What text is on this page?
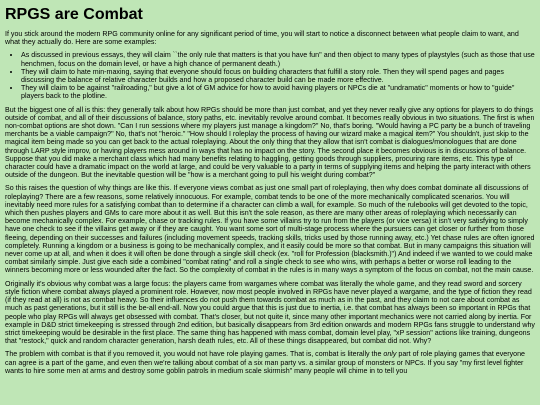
RPGS are Combat

If you stick around the modern RPG community online for any significant period of time, you will start to notice a disconnect between what people claim to want, and what they actually do. Here are some examples:

• As discussed in previous essays, they will claim ``the only rule that matters is that you have fun'' and then object to many types of playstyles (such as those that use henchmen, focus on the domain level, or have a high chance of permanent death.)
• They will claim to hate min-maxing, saying that everyone should focus on building characters that fulfill a story role. Then they will spend pages and pages discussing the balance of relative character builds and how a proposed character build can be made more effective.
• They will claim to be against "railroading," but give a lot of GM advice for how to avoid having players or NPCs die at "undramatic" moments or how to "guide" players back to the plotline.

But the biggest one of all is this: they generally talk about how RPGs should be more than just combat, and yet they never really give any options for players to do things outside of combat, and all of their discussions of balance, story paths, etc. inevitably revolve around combat. It becomes really obvious in two situations. The first is when non-combat options are shot down. "Can I run sessions where my players just manage a kingdom?" No, that's boring. "Would having a PC party be a bunch of traveling merchants be a viable campaign?" No, that's not "heroic." "How should I roleplay the process of having our wizard make a magical item?" You shouldn't, just skip to the magical item being made so you can get back to the actual roleplaying. About the only thing that they allow that isn't combat is dialogues/monologues that are done through LARP style improv, or having players mess around in ways that has no impact on the story. The second place it becomes obvious is in discussions of balance. Suppose that you did make a merchant class which had many benefits relating to haggling, getting goods through suppliers, procuring rare items, etc. This type of character could have a dramatic impact on the world at large, and could be very valuable to a party in terms of supplying items and helping the party interact with others outside of the dungeon. But the inevitable question will be "how is a merchant going to pull his weight during combat?"

So this raises the question of why things are like this. If everyone views combat as just one small part of roleplaying, then why does combat dominate all discussions of roleplaying? There are a few reasons, some relatively innocuous. For example, combat tends to be one of the more mechanically complicated scenarios. You will inevitably need more rules for a satisfying combat than to determine if a character can climb a wall, for example. So much of the rulebooks will get devoted to the topic, which then pushes players and GMs to care more about it as well. But this isn't the sole reason, as there are many other areas of roleplaying which necessarily can become mechanically complex. For example, chase or tracking rules. If you have some villains try to run from the players (or vice versa) it isn't very satisfying to simply have one check to see if the villains get away or if they are caught. You want some sort of multi-stage process where the pursuers can get closer or further from those fleeing, depending on their successes and failures (including movement speeds, tracking skills, tricks used by those running away, etc.) Yet chase rules are often ignored completely. Running a kingdom or a business is going to be mechanically complex, and it easily could be more so that combat. But in many campaigns this situation will never come up at all, and when it does it will often be done through a single skill check (ex. "roll for Profession (blacksmith.)") And indeed if we wanted to we could make combat similarly simple. Just give each side a combined "combat rating" and roll a single check to see who wins, with perhaps a better or worse roll leading to the winners becoming more or less wounded after the fact. So the complexity of combat in the rules is in many ways a symptom of the focus on combat, not the main cause.

Originally it's obvious why combat was a large focus: the players came from wargames where combat was literally the whole game, and they read sword and sorcery style fiction where combat always played a prominent role. However, now most people involved in RPGs have never played a wargame, and the type of fiction they read (if they read at all) is not as combat heavy. So their influences do not push them towards combat as much as in the past, and they claim to not care about combat as much as past generations, but it still is the be-all end-all. Now you could argue that this is just due to inertia, i.e. that combat has always been so important in RPGs that people who play RPGs will always get obsessed with combat. That's closer, but not quite it, since many other important mechanics were not carried along by inertia. For example in D&D strict timekeeping is stressed through 2nd edition, but basically disappears from 3rd edition onwards and modern RPGs fans struggle to understand why strict timekeeping would be desirable in the first place. The same thing has happened with mass combat, domain level play, "xP session" actions like training, dungeons that "restock," quick and random character generation, harsh death rules, etc. All of these things disappeared, but combat did not. Why?

The problem with combat is that if you removed it, you would not have role playing games. That is, combat is literally the only part of role playing games that everyone can agree is a part of the game, and even then we're talking about combat of a six man party vs. a similar group of monsters or NPCs. If you say "my first level fighter wants to hire some men at arms and destroy some goblin patrols in medium scale skirmish" many people will chime in to tell you
